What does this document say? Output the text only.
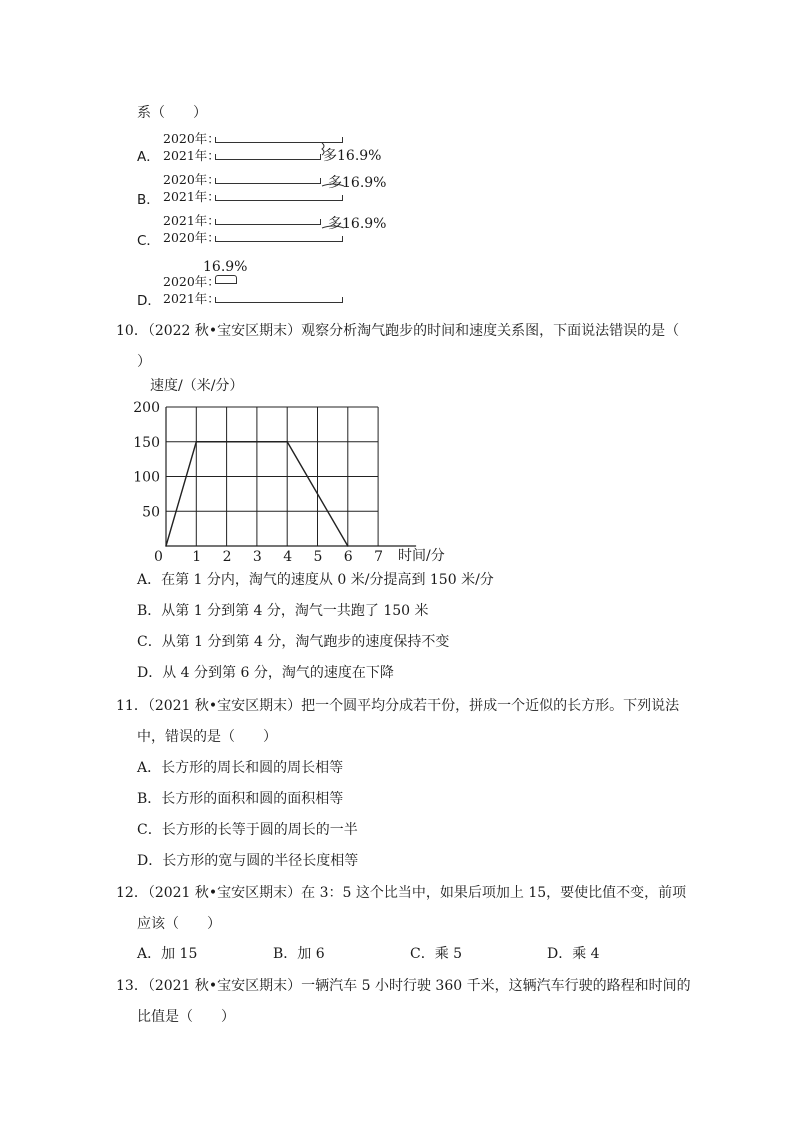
系（　　）
2020年：
A． 2021年：	多16.9%
2020年：
B． 2021年：
多16.9%
2021年：
C． 2020年：
多16.9%
16.9%
2020年：
D． 2021年：
10．（2022 秋•宝安区期末）观察分析淘气跑步的时间和速度关系图，下面说法错误的是（
）
速度/（米/分）
0 1 2 3 4 5 6 7
50
100
150
200
时间/分
A．在第 1 分内，淘气的速度从 0 米/分提高到 150 米/分
B．从第 1 分到第 4 分，淘气一共跑了 150 米
C．从第 1 分到第 4 分，淘气跑步的速度保持不变
D．从 4 分到第 6 分，淘气的速度在下降
11．（2021 秋•宝安区期末）把一个圆平均分成若干份，拼成一个近似的长方形。下列说法
中，错误的是（　　）
A．长方形的周长和圆的周长相等
B．长方形的面积和圆的面积相等
C．长方形的长等于圆的周长的一半
D．长方形的宽与圆的半径长度相等
12．（2021 秋•宝安区期末）在 3：5 这个比当中，如果后项加上 15，要使比值不变，前项
应该（　　）
A．加 15	B．加 6	C．乘 5	D．乘 4
13．（2021 秋•宝安区期末）一辆汽车 5 小时行驶 360 千米，这辆汽车行驶的路程和时间的
比值是（　　）
